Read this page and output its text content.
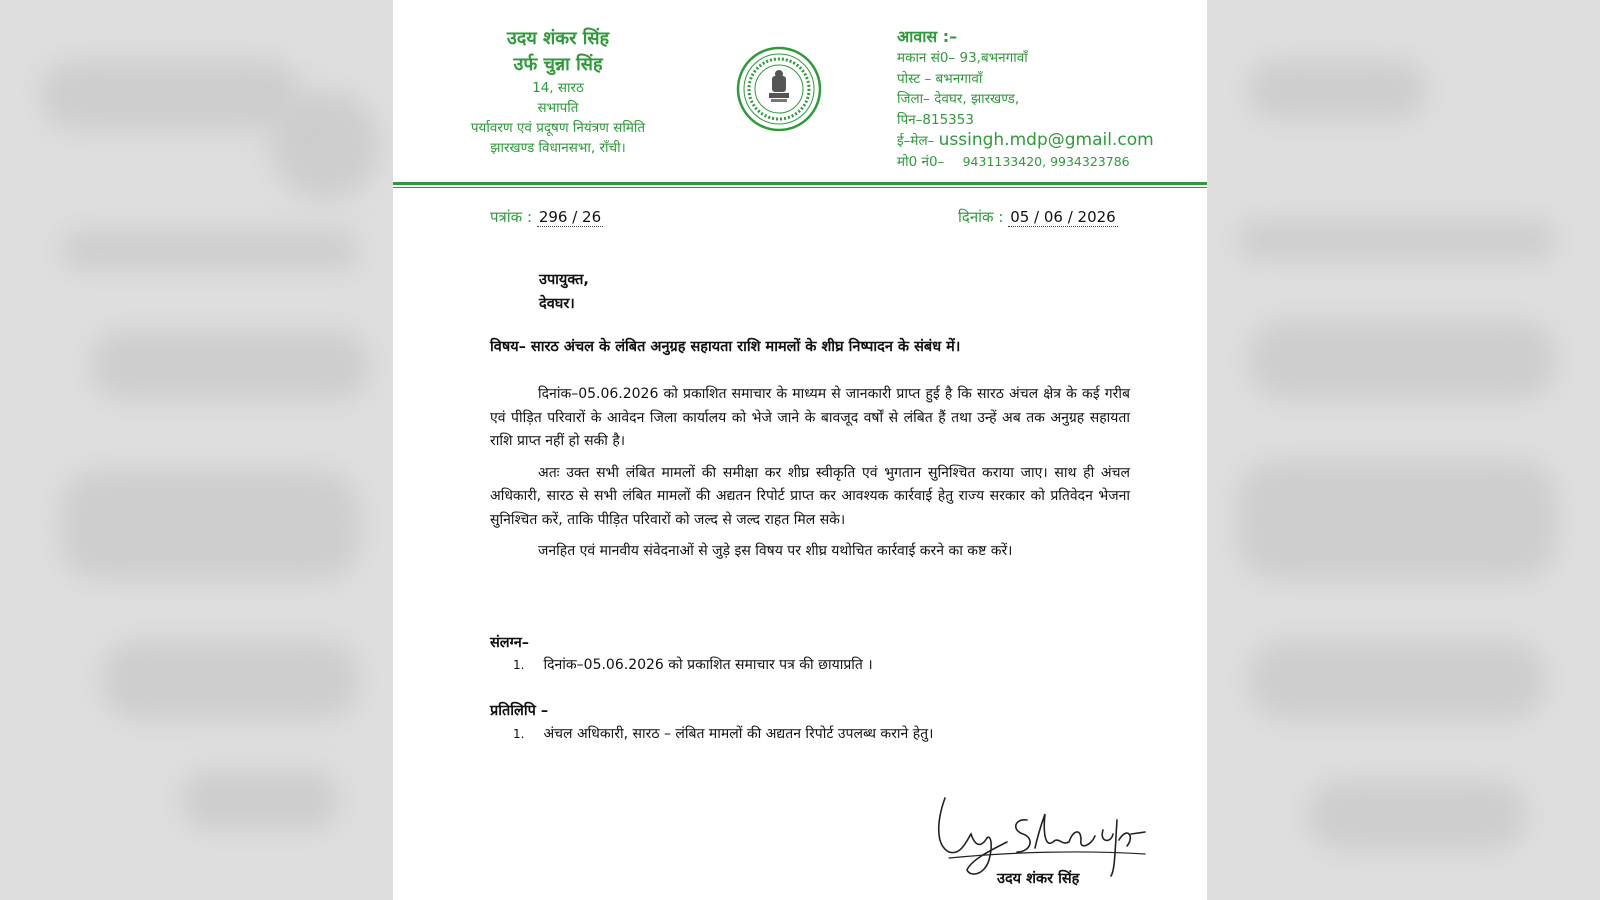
उदय शंकर सिंह
उर्फ चुन्ना सिंह
14, सारठ
सभापति
पर्यावरण एवं प्रदूषण नियंत्रण समिति
झारखण्ड विधानसभा, राँची।
आवास :–
मकान सं0– 93,बभनगावाँ
पोस्ट – बभनगावाँ
जिला– देवघर, झारखण्ड,
पिन–815353
ई–मेल– ussingh.mdp@gmail.com
मो0 नं0– 9431133420, 9934323786
पत्रांक : 296 / 26	दिनांक : 05 / 06 / 2026
उपायुक्त,
देवघर।
विषय– सारठ अंचल के लंबित अनुग्रह सहायता राशि मामलों के शीघ्र निष्पादन के संबंध में।

दिनांक–05.06.2026 को प्रकाशित समाचार के माध्यम से जानकारी प्राप्त हुई है कि सारठ अंचल क्षेत्र के कई गरीब एवं पीड़ित परिवारों के आवेदन जिला कार्यालय को भेजे जाने के बावजूद वर्षों से लंबित हैं तथा उन्हें अब तक अनुग्रह सहायता राशि प्राप्त नहीं हो सकी है।

अतः उक्त सभी लंबित मामलों की समीक्षा कर शीघ्र स्वीकृति एवं भुगतान सुनिश्चित कराया जाए। साथ ही अंचल अधिकारी, सारठ से सभी लंबित मामलों की अद्यतन रिपोर्ट प्राप्त कर आवश्यक कार्रवाई हेतु राज्य सरकार को प्रतिवेदन भेजना सुनिश्चित करें, ताकि पीड़ित परिवारों को जल्द से जल्द राहत मिल सके।

जनहित एवं मानवीय संवेदनाओं से जुड़े इस विषय पर शीघ्र यथोचित कार्रवाई करने का कष्ट करें।

संलग्न–
1. दिनांक–05.06.2026 को प्रकाशित समाचार पत्र की छायाप्रति ।
प्रतिलिपि –
1. अंचल अधिकारी, सारठ – लंबित मामलों की अद्यतन रिपोर्ट उपलब्ध कराने हेतु।
उदय शंकर सिंह
